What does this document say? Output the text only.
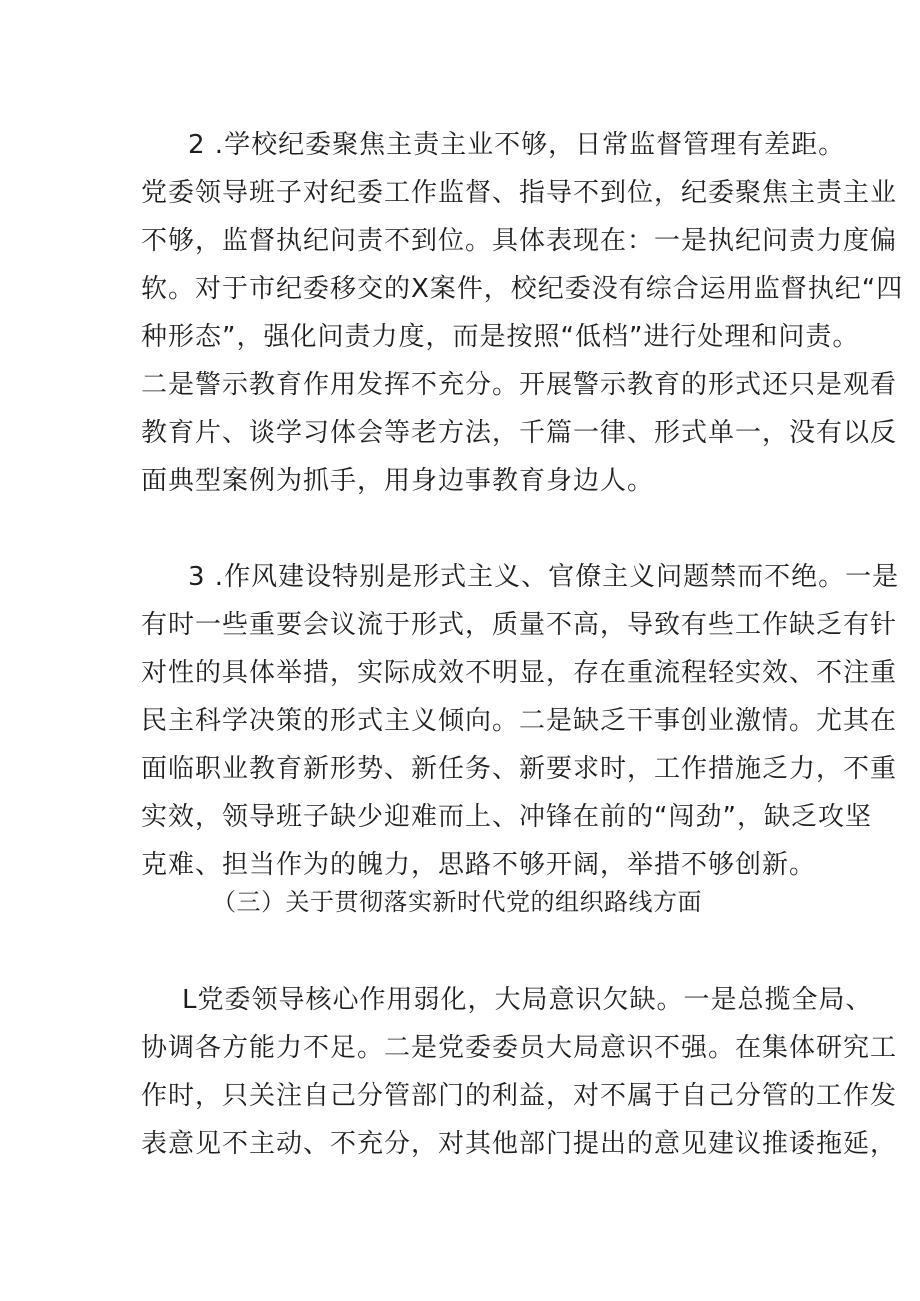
2 .学校纪委聚焦主责主业不够，日常监督管理有差距。
党委领导班子对纪委工作监督、指导不到位，纪委聚焦主责主业
不够，监督执纪问责不到位。具体表现在：一是执纪问责力度偏
软。对于市纪委移交的X案件，校纪委没有综合运用监督执纪“四
种形态”，强化问责力度，而是按照“低档”进行处理和问责。
二是警示教育作用发挥不充分。开展警示教育的形式还只是观看
教育片、谈学习体会等老方法，千篇一律、形式单一，没有以反
面典型案例为抓手，用身边事教育身边人。
3 .作风建设特别是形式主义、官僚主义问题禁而不绝。一是
有时一些重要会议流于形式，质量不高，导致有些工作缺乏有针
对性的具体举措，实际成效不明显，存在重流程轻实效、不注重
民主科学决策的形式主义倾向。二是缺乏干事创业激情。尤其在
面临职业教育新形势、新任务、新要求时，工作措施乏力，不重
实效，领导班子缺少迎难而上、冲锋在前的“闯劲”，缺乏攻坚
克难、担当作为的魄力，思路不够开阔，举措不够创新。
（三）关于贯彻落实新时代党的组织路线方面
L党委领导核心作用弱化，大局意识欠缺。一是总揽全局、
协调各方能力不足。二是党委委员大局意识不强。在集体研究工
作时，只关注自己分管部门的利益，对不属于自己分管的工作发
表意见不主动、不充分，对其他部门提出的意见建议推诿拖延，
